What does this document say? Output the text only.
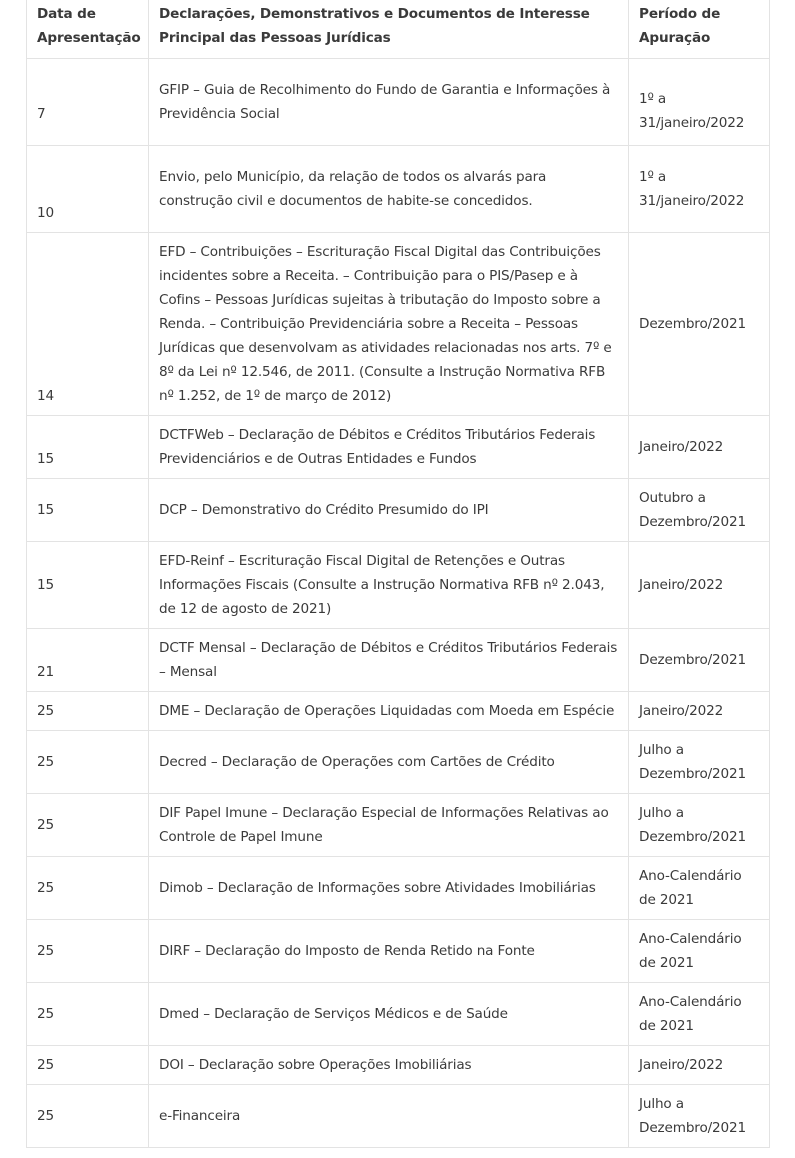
Data de Apresentação	Declarações, Demonstrativos e Documentos de Interesse Principal das Pessoas Jurídicas	Período de Apuração
7	GFIP – Guia de Recolhimento do Fundo de Garantia e Informações à Previdência Social	1º a 31/janeiro/2022
10	Envio, pelo Município, da relação de todos os alvarás para construção civil e documentos de habite-se concedidos.	1º a 31/janeiro/2022
14	EFD – Contribuições – Escrituração Fiscal Digital das Contribuições incidentes sobre a Receita. – Contribuição para o PIS/Pasep e à Cofins – Pessoas Jurídicas sujeitas à tributação do Imposto sobre a Renda. – Contribuição Previdenciária sobre a Receita – Pessoas Jurídicas que desenvolvam as atividades relacionadas nos arts. 7º e 8º da Lei nº 12.546, de 2011. (Consulte a Instrução Normativa RFB nº 1.252, de 1º de março de 2012)	Dezembro/2021
15	DCTFWeb – Declaração de Débitos e Créditos Tributários Federais Previdenciários e de Outras Entidades e Fundos	Janeiro/2022
15	DCP – Demonstrativo do Crédito Presumido do IPI	Outubro a Dezembro/2021
15	EFD-Reinf – Escrituração Fiscal Digital de Retenções e Outras Informações Fiscais (Consulte a Instrução Normativa RFB nº 2.043, de 12 de agosto de 2021)	Janeiro/2022
21	DCTF Mensal – Declaração de Débitos e Créditos Tributários Federais – Mensal	Dezembro/2021
25	DME – Declaração de Operações Liquidadas com Moeda em Espécie	Janeiro/2022
25	Decred – Declaração de Operações com Cartões de Crédito	Julho a Dezembro/2021
25	DIF Papel Imune – Declaração Especial de Informações Relativas ao Controle de Papel Imune	Julho a Dezembro/2021
25	Dimob – Declaração de Informações sobre Atividades Imobiliárias	Ano-Calendário de 2021
25	DIRF – Declaração do Imposto de Renda Retido na Fonte	Ano-Calendário de 2021
25	Dmed – Declaração de Serviços Médicos e de Saúde	Ano-Calendário de 2021
25	DOI – Declaração sobre Operações Imobiliárias	Janeiro/2022
25	e-Financeira	Julho a Dezembro/2021
